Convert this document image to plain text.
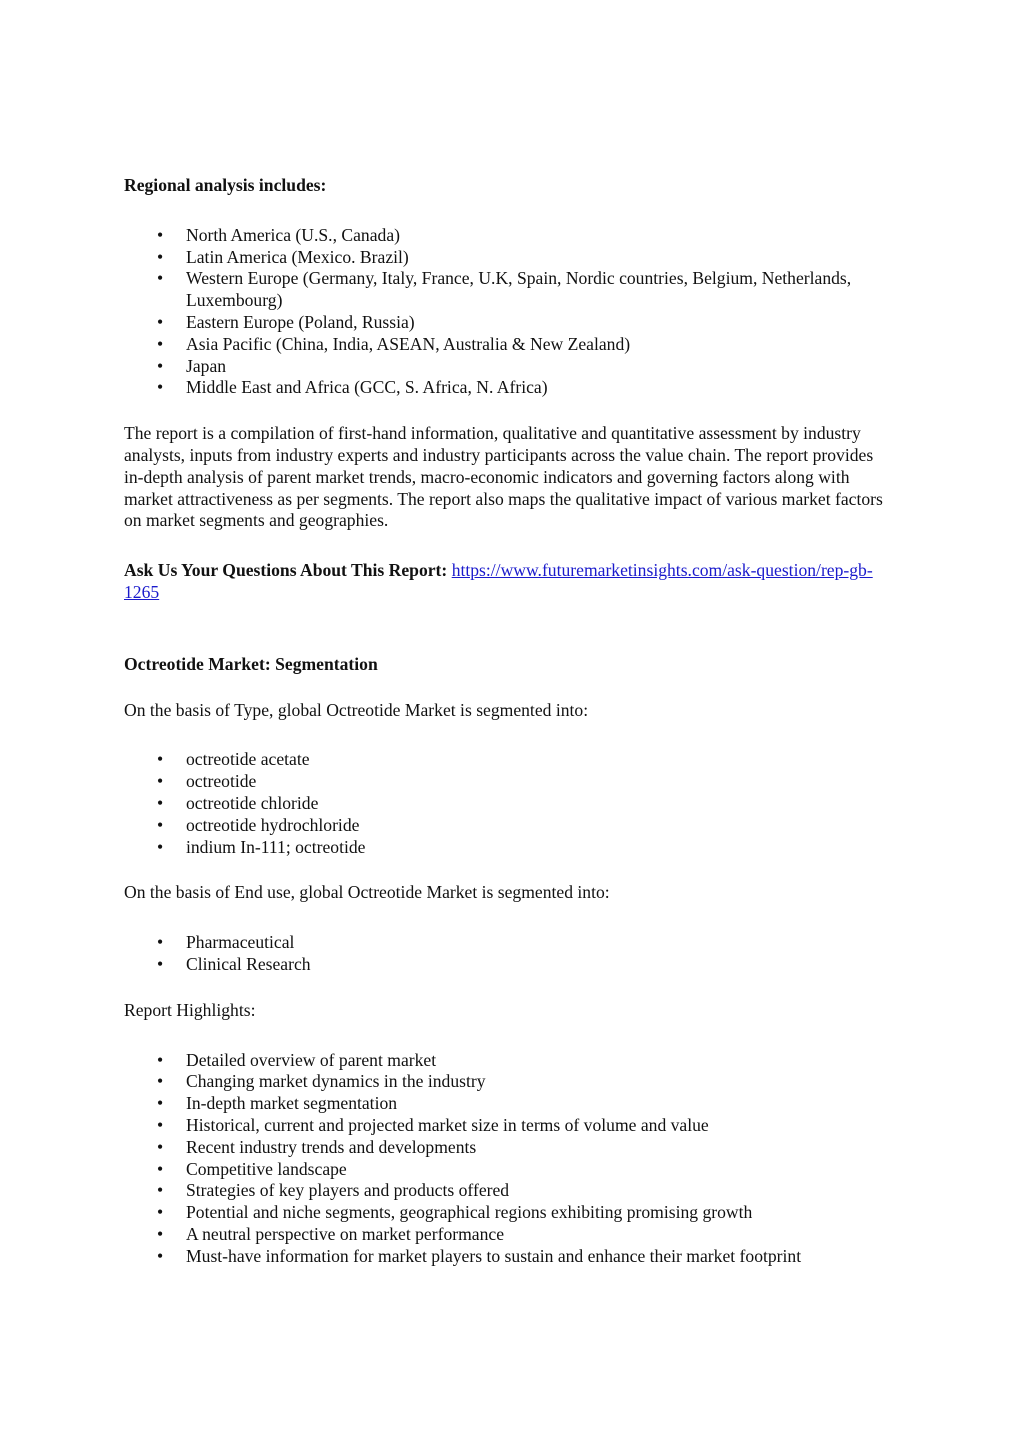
Regional analysis includes:

• North America (U.S., Canada)
• Latin America (Mexico. Brazil)
• Western Europe (Germany, Italy, France, U.K, Spain, Nordic countries, Belgium, Netherlands, Luxembourg)
• Eastern Europe (Poland, Russia)
• Asia Pacific (China, India, ASEAN, Australia & New Zealand)
• Japan
• Middle East and Africa (GCC, S. Africa, N. Africa)

The report is a compilation of first-hand information, qualitative and quantitative assessment by industry analysts, inputs from industry experts and industry participants across the value chain. The report provides in-depth analysis of parent market trends, macro-economic indicators and governing factors along with market attractiveness as per segments. The report also maps the qualitative impact of various market factors on market segments and geographies.

Ask Us Your Questions About This Report: https://www.futuremarketinsights.com/ask-question/rep-gb-1265

Octreotide Market: Segmentation

On the basis of Type, global Octreotide Market is segmented into:

• octreotide acetate
• octreotide
• octreotide chloride
• octreotide hydrochloride
• indium In-111; octreotide

On the basis of End use, global Octreotide Market is segmented into:

• Pharmaceutical
• Clinical Research

Report Highlights:

• Detailed overview of parent market
• Changing market dynamics in the industry
• In-depth market segmentation
• Historical, current and projected market size in terms of volume and value
• Recent industry trends and developments
• Competitive landscape
• Strategies of key players and products offered
• Potential and niche segments, geographical regions exhibiting promising growth
• A neutral perspective on market performance
• Must-have information for market players to sustain and enhance their market footprint
